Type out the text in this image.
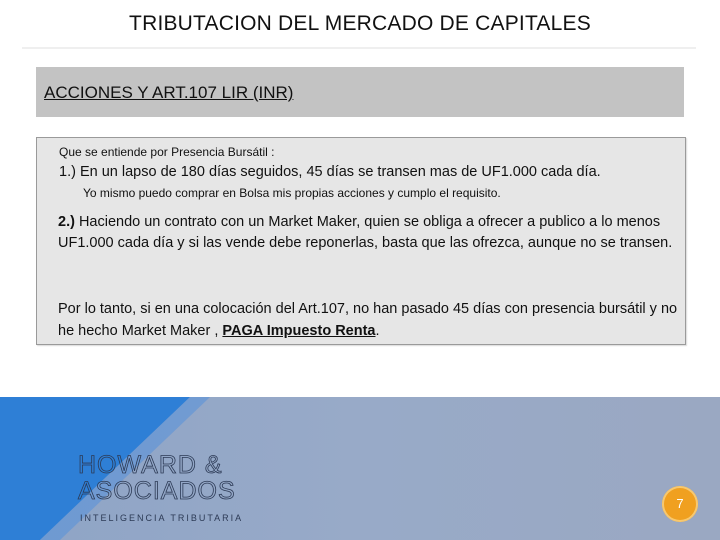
TRIBUTACION DEL MERCADO DE CAPITALES
ACCIONES Y ART.107 LIR (INR)
Que se entiende por Presencia Bursátil :
1.) En un lapso de 180 días seguidos, 45 días se transen mas de UF1.000 cada día.
Yo mismo puedo comprar en Bolsa mis propias acciones y cumplo el requisito.
2.) Haciendo un contrato con un Market Maker, quien se obliga a ofrecer a publico a lo menos UF1.000 cada día y si las vende debe reponerlas, basta que las ofrezca, aunque no se transen.
Por lo tanto, si en una colocación del Art.107, no han pasado 45 días con presencia bursátil y no he hecho Market Maker , PAGA Impuesto Renta.
HOWARD &
ASOCIADOS
INTELIGENCIA TRIBUTARIA
7
